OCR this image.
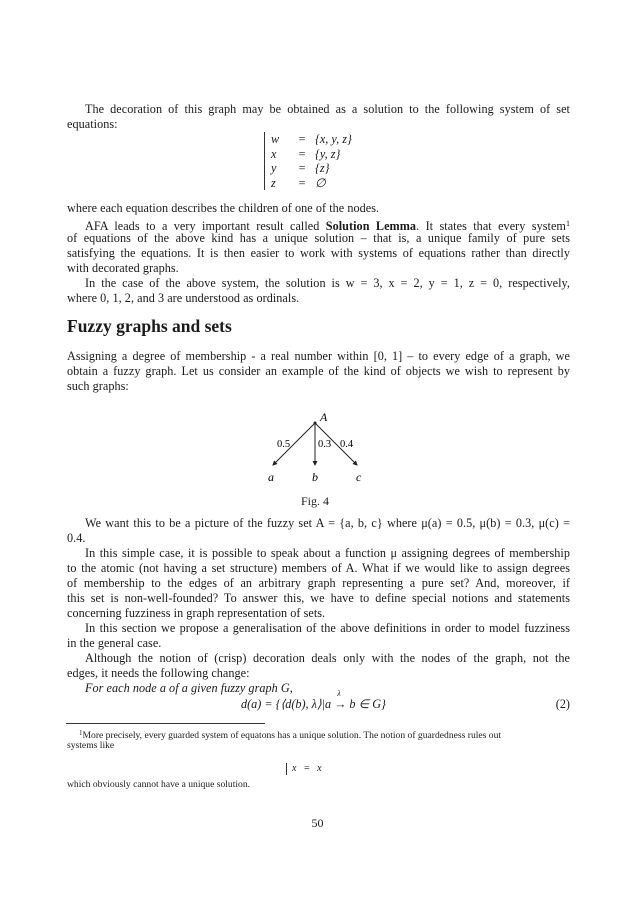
The decoration of this graph may be obtained as a solution to the following system of set
equations:
w	= {x, y, z}
x	= {y, z}
y	= {z}
z	= ∅
where each equation describes the children of one of the nodes.
AFA leads to a very important result called Solution Lemma. It states that every system$^1$
of equations of the above kind has a unique solution – that is, a unique family of pure sets
satisfying the equations. It is then easier to work with systems of equations rather than directly
with decorated graphs.
In the case of the above system, the solution is w = 3, x = 2, y = 1, z = 0, respectively,
where 0, 1, 2, and 3 are understood as ordinals.
Fuzzy graphs and sets
Assigning a degree of membership - a real number within [0, 1] – to every edge of a graph, we
obtain a fuzzy graph. Let us consider an example of the kind of objects we wish to represent by
such graphs:
A
0.5	0.3 0.4
a	b	c
Fig. 4
We want this to be a picture of the fuzzy set A = {a, b, c} where μ(a) = 0.5, μ(b) = 0.3, μ(c) =
0.4.
In this simple case, it is possible to speak about a function μ assigning degrees of membership
to the atomic (not having a set structure) members of A. What if we would like to assign degrees
of membership to the edges of an arbitrary graph representing a pure set? And, moreover, if
this set is non-well-founded? To answer this, we have to define special notions and statements
concerning fuzziness in graph representation of sets.
In this section we propose a generalisation of the above definitions in order to model fuzziness
in the general case.
Although the notion of (crisp) decoration deals only with the nodes of the graph, not the
edges, it needs the following change:
For each node a of a given fuzzy graph G,
d(a) = {⟨d(b), λ⟩|a
λ
→ b ∈ G}	(2)
$^1$More precisely, every guarded system of equatons has a unique solution. The notion of guardedness rules out
systems like
x = x
which obviously cannot have a unique solution.
50
